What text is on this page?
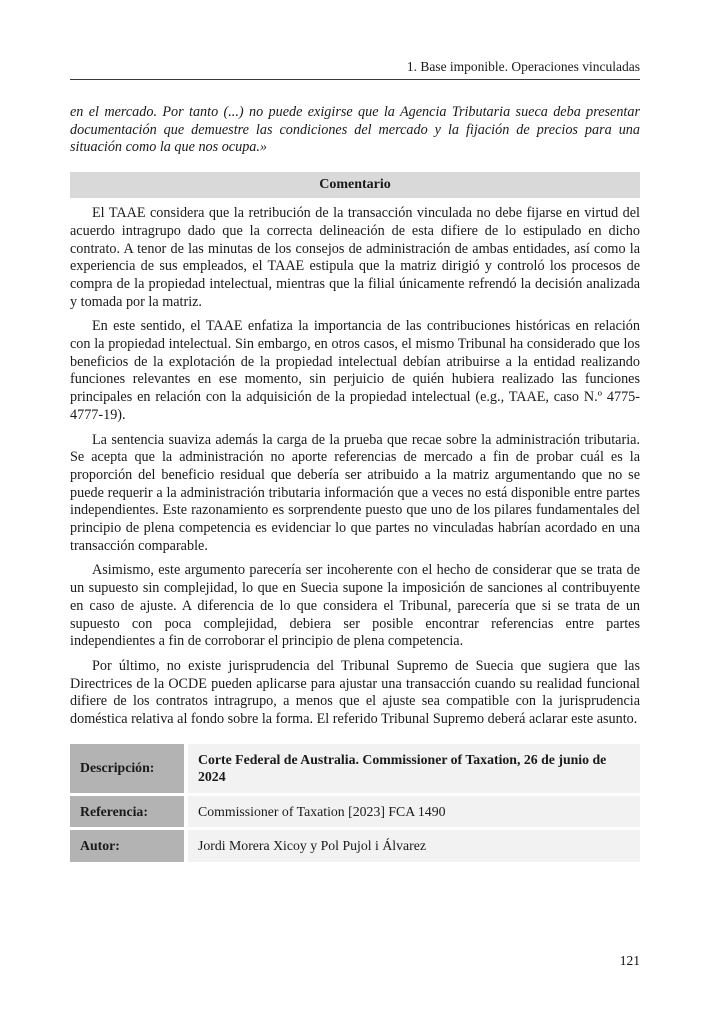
1. Base imponible. Operaciones vinculadas

en el mercado. Por tanto (...) no puede exigirse que la Agencia Tributaria sueca deba presentar documentación que demuestre las condiciones del mercado y la fijación de precios para una situación como la que nos ocupa.»

Comentario

El TAAE considera que la retribución de la transacción vinculada no debe fijarse en virtud del acuerdo intragrupo dado que la correcta delineación de esta difiere de lo estipulado en dicho contrato. A tenor de las minutas de los consejos de administración de ambas entidades, así como la experiencia de sus empleados, el TAAE estipula que la matriz dirigió y controló los procesos de compra de la propiedad intelectual, mientras que la filial únicamente refrendó la decisión analizada y tomada por la matriz.

En este sentido, el TAAE enfatiza la importancia de las contribuciones históricas en relación con la propiedad intelectual. Sin embargo, en otros casos, el mismo Tribunal ha considerado que los beneficios de la explotación de la propiedad intelectual debían atribuirse a la entidad realizando funciones relevantes en ese momento, sin perjuicio de quién hubiera realizado las funciones principales en relación con la adquisición de la propiedad intelectual (e.g., TAAE, caso N.º 4775-4777-19).

La sentencia suaviza además la carga de la prueba que recae sobre la administración tributaria. Se acepta que la administración no aporte referencias de mercado a fin de probar cuál es la proporción del beneficio residual que debería ser atribuido a la matriz argumentando que no se puede requerir a la administración tributaria información que a veces no está disponible entre partes independientes. Este razonamiento es sorprendente puesto que uno de los pilares fundamentales del principio de plena competencia es evidenciar lo que partes no vinculadas habrían acordado en una transacción comparable.

Asimismo, este argumento parecería ser incoherente con el hecho de considerar que se trata de un supuesto sin complejidad, lo que en Suecia supone la imposición de sanciones al contribuyente en caso de ajuste. A diferencia de lo que considera el Tribunal, parecería que si se trata de un supuesto con poca complejidad, debiera ser posible encontrar referencias entre partes independientes a fin de corroborar el principio de plena competencia.

Por último, no existe jurisprudencia del Tribunal Supremo de Suecia que sugiera que las Directrices de la OCDE pueden aplicarse para ajustar una transacción cuando su realidad funcional difiere de los contratos intragrupo, a menos que el ajuste sea compatible con la jurisprudencia doméstica relativa al fondo sobre la forma. El referido Tribunal Supremo deberá aclarar este asunto.

Descripción:	Corte Federal de Australia. Commissioner of Taxation, 26 de junio de 2024
Referencia:	Commissioner of Taxation [2023] FCA 1490
Autor:	Jordi Morera Xicoy y Pol Pujol i Álvarez
121
